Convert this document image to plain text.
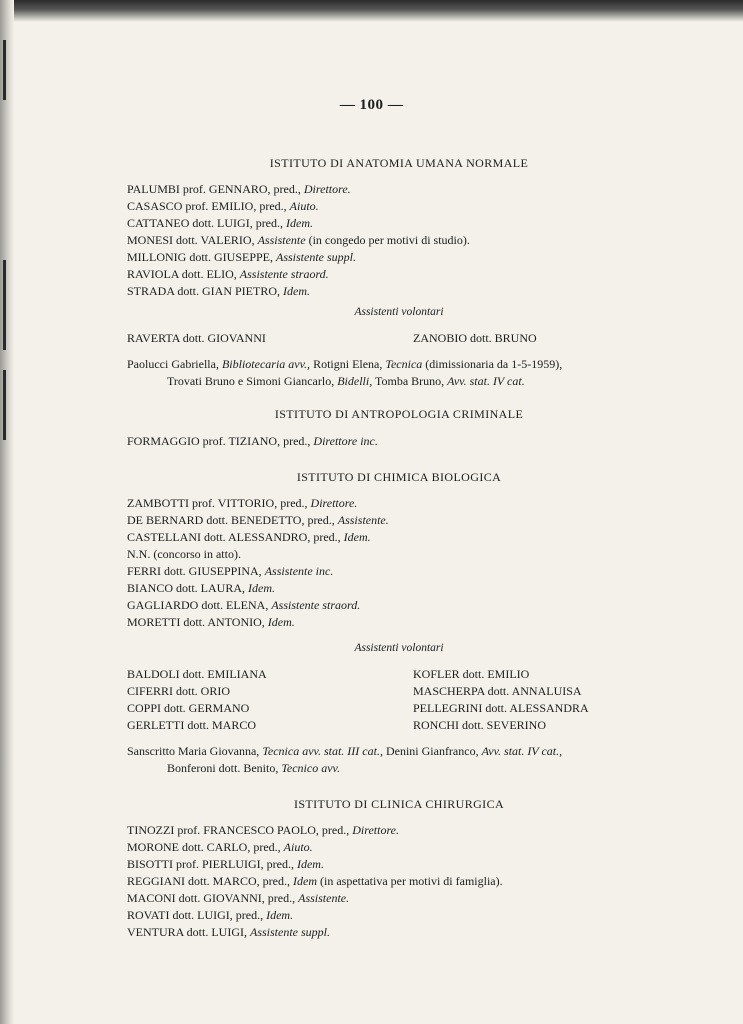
— 100 —
ISTITUTO DI ANATOMIA UMANA NORMALE
PALUMBI prof. GENNARO, pred., Direttore.
CASASCO prof. EMILIO, pred., Aiuto.
CATTANEO dott. LUIGI, pred., Idem.
MONESI dott. VALERIO, Assistente (in congedo per motivi di studio).
MILLONIG dott. GIUSEPPE, Assistente suppl.
RAVIOLA dott. ELIO, Assistente straord.
STRADA dott. GIAN PIETRO, Idem.
Assistenti volontari
RAVERTA dott. GIOVANNI	ZANOBIO dott. BRUNO
Paolucci Gabriella, Bibliotecaria avv., Rotigni Elena, Tecnica (dimissionaria da 1-5-1959),
Trovati Bruno e Simoni Giancarlo, Bidelli, Tomba Bruno, Avv. stat. IV cat.
ISTITUTO DI ANTROPOLOGIA CRIMINALE
FORMAGGIO prof. TIZIANO, pred., Direttore inc.
ISTITUTO DI CHIMICA BIOLOGICA
ZAMBOTTI prof. VITTORIO, pred., Direttore.
DE BERNARD dott. BENEDETTO, pred., Assistente.
CASTELLANI dott. ALESSANDRO, pred., Idem.
N.N. (concorso in atto).
FERRI dott. GIUSEPPINA, Assistente inc.
BIANCO dott. LAURA, Idem.
GAGLIARDO dott. ELENA, Assistente straord.
MORETTI dott. ANTONIO, Idem.
Assistenti volontari
BALDOLI dott. EMILIANA
CIFERRI dott. ORIO
COPPI dott. GERMANO
GERLETTI dott. MARCO
KOFLER dott. EMILIO
MASCHERPA dott. ANNALUISA
PELLEGRINI dott. ALESSANDRA
RONCHI dott. SEVERINO
Sanscritto Maria Giovanna, Tecnica avv. stat. III cat., Denini Gianfranco, Avv. stat. IV cat.,
Bonferoni dott. Benito, Tecnico avv.
ISTITUTO DI CLINICA CHIRURGICA
TINOZZI prof. FRANCESCO PAOLO, pred., Direttore.
MORONE dott. CARLO, pred., Aiuto.
BISOTTI prof. PIERLUIGI, pred., Idem.
REGGIANI dott. MARCO, pred., Idem (in aspettativa per motivi di famiglia).
MACONI dott. GIOVANNI, pred., Assistente.
ROVATI dott. LUIGI, pred., Idem.
VENTURA dott. LUIGI, Assistente suppl.
